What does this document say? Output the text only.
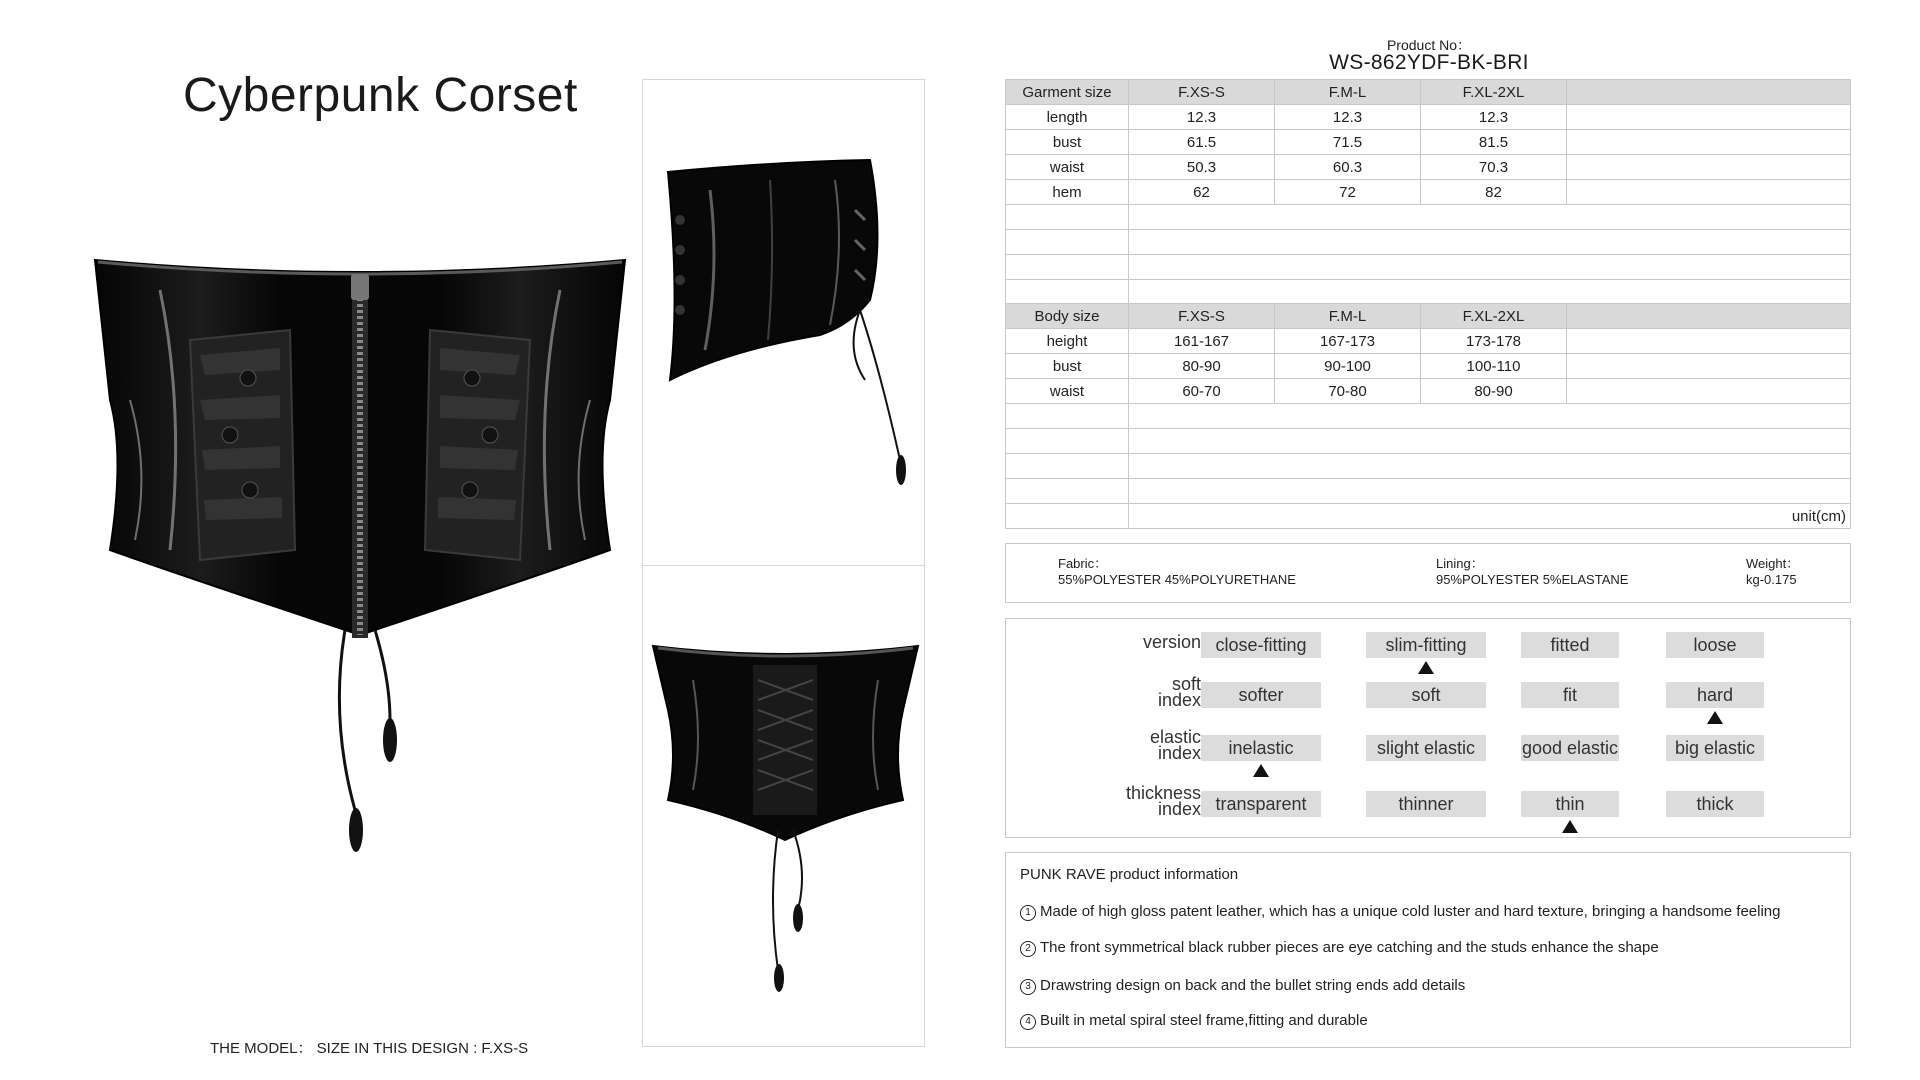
Cyberpunk Corset
THE MODEL： SIZE IN THIS DESIGN : F.XS-S
Product No：
WS-862YDF-BK-BRI
Garment size	F.XS-S	F.M-L	F.XL-2XL	
length	12.3	12.3	12.3	
bust	61.5	71.5	81.5	
waist	50.3	60.3	70.3	
hem	62	72	82	

Body size	F.XS-S	F.M-L	F.XL-2XL	
height	161-167	167-173	173-178	
bust	80-90	90-100	100-110	
waist	60-70	70-80	80-90	

	unit(cm)			
Fabric：
55%POLYESTER 45%POLYURETHANE
Lining：
95%POLYESTER 5%ELASTANE
Weight：
kg-0.175
version close-fitting	slim-fitting	fitted	loose
soft
index	softer	soft	fit	hard
elastic
index	inelastic	slight elastic	good elastic	big elastic
thickness
index transparent	thinner	thin	thick
PUNK RAVE product information
1 Made of high gloss patent leather, which has a unique cold luster and hard texture, bringing a handsome feeling
2 The front symmetrical black rubber pieces are eye catching and the studs enhance the shape
3 Drawstring design on back and the bullet string ends add details
4 Built in metal spiral steel frame,fitting and durable
